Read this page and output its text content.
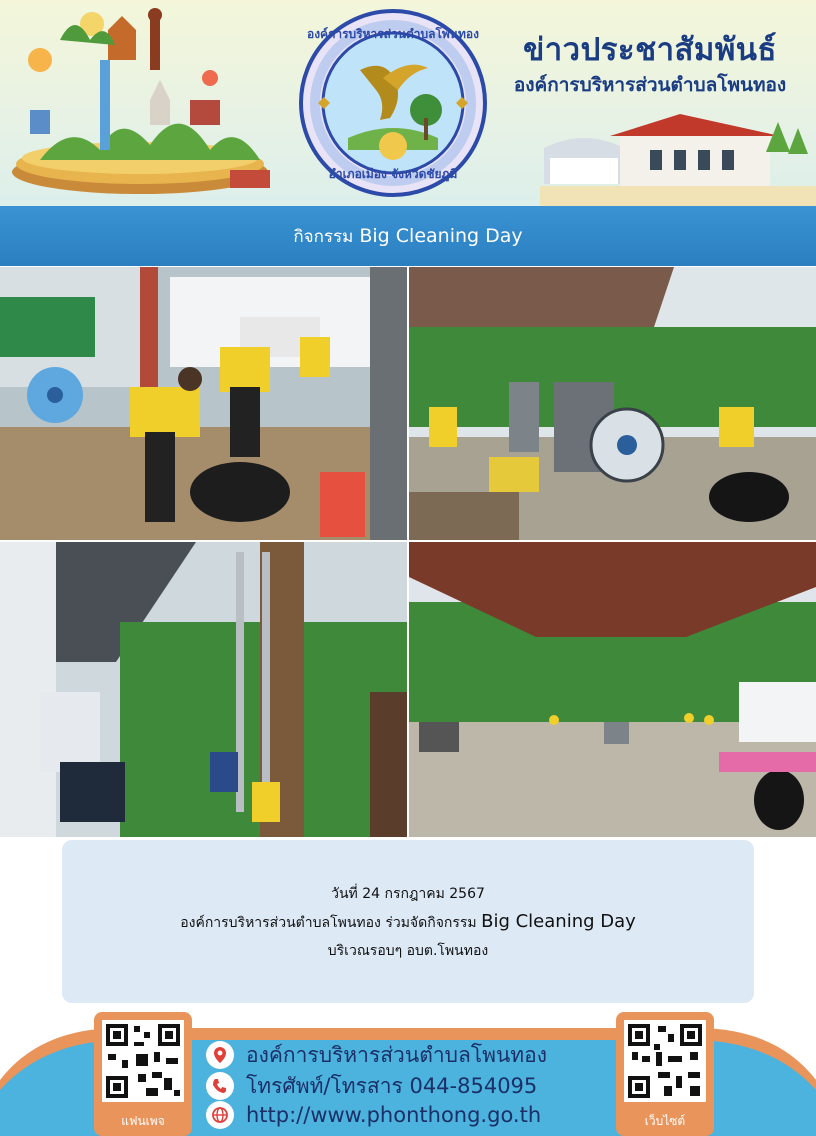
องค์การบริหารส่วนตำบลโพนทอง
อำเภอเมือง จังหวัดชัยภูมิ
ข่าวประชาสัมพันธ์
องค์การบริหารส่วนตำบลโพนทอง
กิจกรรม Big Cleaning Day
วันที่ 24 กรกฎาคม 2567
องค์การบริหารส่วนตำบลโพนทอง ร่วมจัดกิจกรรม Big Cleaning Day
บริเวณรอบๆ อบต.โพนทอง
แฟนเพจ
องค์การบริหารส่วนตำบลโพนทอง
โทรศัพท์/โทรสาร 044-854095
http://www.phonthong.go.th	เว็บไซต์
